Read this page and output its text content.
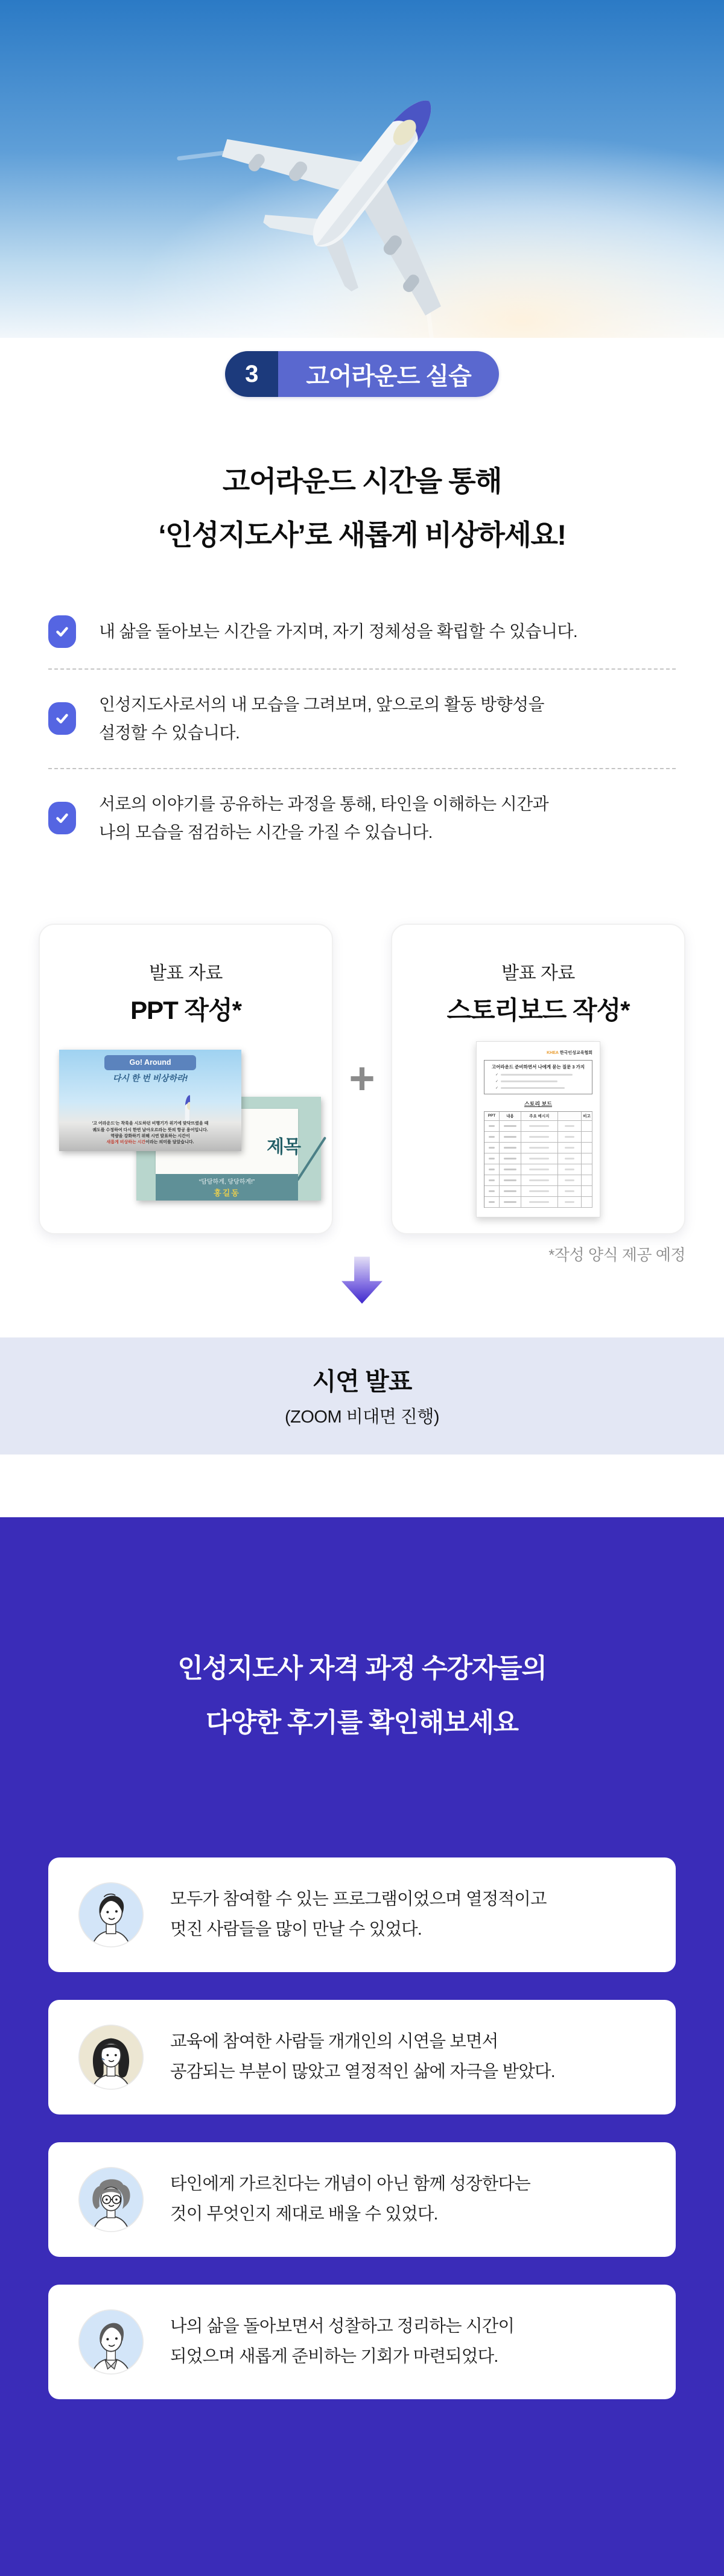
3	고어라운드 실습
고어라운드 시간을 통해
‘인성지도사’로 새롭게 비상하세요!
내 삶을 돌아보는 시간을 가지며, 자기 정체성을 확립할 수 있습니다.
인성지도사로서의 내 모습을 그려보며, 앞으로의 활동 방향성을
설정할 수 있습니다.
서로의 이야기를 공유하는 과정을 통해, 타인을 이해하는 시간과
나의 모습을 점검하는 시간을 가질 수 있습니다.
발표 자료
PPT 작성*
제목
“담담하게, 당당하게!”
홍길동
Go! Around
다시 한 번 비상하라!
'고 어라운드'는 착륙을 시도하던 비행기가 위기에 맞닥뜨렸을 때
궤도를 수정하여 다시 한번 날아오르라는 뜻의 항공 용어입니다.
역량을 강화하기 위해 시연 발표하는 시간이
새롭게 비상하는 시간이라는 의미를 담았습니다.
+
발표 자료
스토리보드 작성*
KHEA 한국인성교육협회
고어라운드 준비하면서 나에게 묻는 질문 3 가지
✓
✓
✓
스토리 보드
PPT	내용	주요 메시지	비고
*작성 양식 제공 예정
시연 발표
(ZOOM 비대면 진행)
인성지도사 자격 과정 수강자들의
다양한 후기를 확인해보세요
모두가 참여할 수 있는 프로그램이었으며 열정적이고
멋진 사람들을 많이 만날 수 있었다.
교육에 참여한 사람들 개개인의 시연을 보면서
공감되는 부분이 많았고 열정적인 삶에 자극을 받았다.
타인에게 가르친다는 개념이 아닌 함께 성장한다는
것이 무엇인지 제대로 배울 수 있었다.
나의 삶을 돌아보면서 성찰하고 정리하는 시간이
되었으며 새롭게 준비하는 기회가 마련되었다.
